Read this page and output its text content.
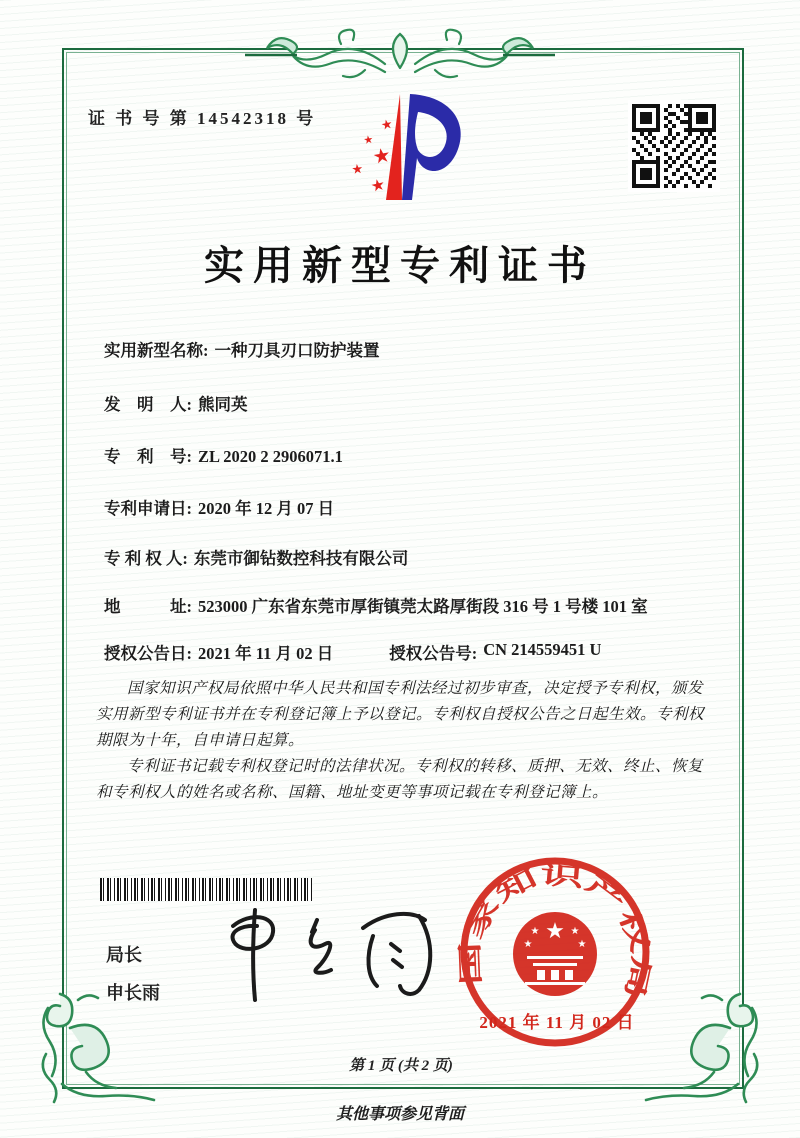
证 书 号 第 14542318 号	★
★
★
★
★
实用新型专利证书
实用新型名称: 一种刀具刃口防护装置
发　明　人: 熊同英
专　利　号: ZL 2020 2 2906071.1
专利申请日: 2020 年 12 月 07 日
专 利 权 人: 东莞市御钻数控科技有限公司
地　　　址: 523000 广东省东莞市厚街镇莞太路厚街段 316 号 1 号楼 101 室
授权公告日: 2021 年 11 月 02 日	授权公告号: CN 214559451 U

国家知识产权局依照中华人民共和国专利法经过初步审查，决定授予专利权，颁发实用新型专利证书并在专利登记簿上予以登记。专利权自授权公告之日起生效。专利权期限为十年，自申请日起算。

专利证书记载专利权登记时的法律状况。专利权的转移、质押、无效、终止、恢复和专利权人的姓名或名称、国籍、地址变更等事项记载在专利登记簿上。

局长
申长雨
国家知识产权局
★
★	★
★	★
2021 年 11 月 02 日
第 1 页 (共 2 页)
其他事项参见背面
